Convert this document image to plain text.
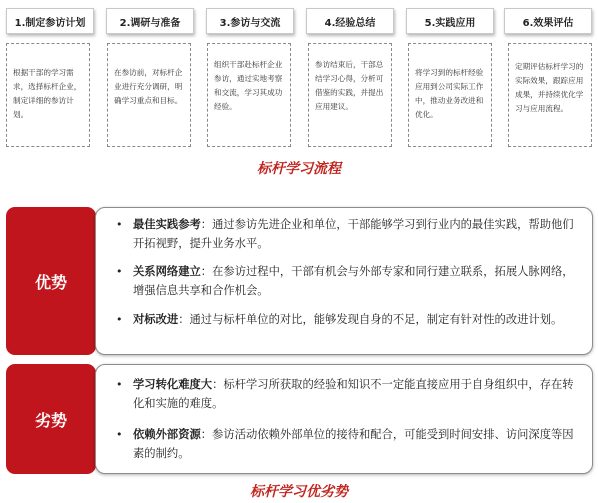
1.制定参访计划	2.调研与准备	3.参访与交流	4.经验总结	5.实践应用	6.效果评估
根据干部的学习需求，选择标杆企业，制定详细的参访计划。
在参访前，对标杆企业进行充分调研，明确学习重点和目标。
组织干部赴标杆企业参访，通过实地考察和交流，学习其成功经验。
参访结束后，干部总结学习心得，分析可借鉴的实践，并提出应用建议。
将学习到的标杆经验应用到公司实际工作中，推动业务改进和优化。
定期评估标杆学习的实际效果，跟踪应用成果，并持续优化学习与应用流程。
标杆学习流程
优势
• 最佳实践参考：通过参访先进企业和单位，干部能够学习到行业内的最佳实践，帮助他们开拓视野，提升业务水平。
• 关系网络建立：在参访过程中，干部有机会与外部专家和同行建立联系，拓展人脉网络，增强信息共享和合作机会。
• 对标改进：通过与标杆单位的对比，能够发现自身的不足，制定有针对性的改进计划。
劣势
• 学习转化难度大：标杆学习所获取的经验和知识不一定能直接应用于自身组织中，存在转化和实施的难度。
• 依赖外部资源：参访活动依赖外部单位的接待和配合，可能受到时间安排、访问深度等因素的制约。
标杆学习优劣势
